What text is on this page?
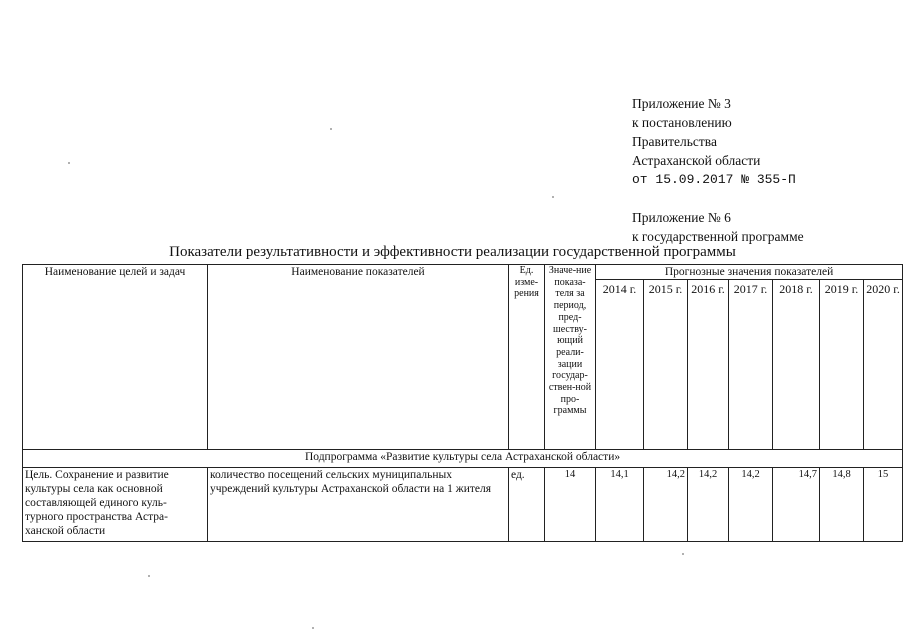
Приложение № 3
к постановлению
Правительства
Астраханской области
от 15.09.2017 № 355-П
Приложение № 6
к государственной программе
Показатели результативности и эффективности реализации государственной программы
Наименование целей и задач	Наименование показателей	Ед. изме-рения	Значе-ние показа-теля за период, пред-шеству-ющий реали-зации государ-ствен-ной про-граммы	Прогнозные значения показателей						
				2014 г.	2015 г.	2016 г.	2017 г.	2018 г.	2019 г.	2020 г.
Подпрограмма «Развитие культуры села Астраханской области»										
Цель. Сохранение и развитие культуры села как основной составляющей единого куль-турного пространства Астра-ханской области	количество посещений сельских муниципальных учреждений культуры Астраханской области на 1 жителя	ед.	14	14,1	14,2	14,2	14,2	14,7	14,8	15
